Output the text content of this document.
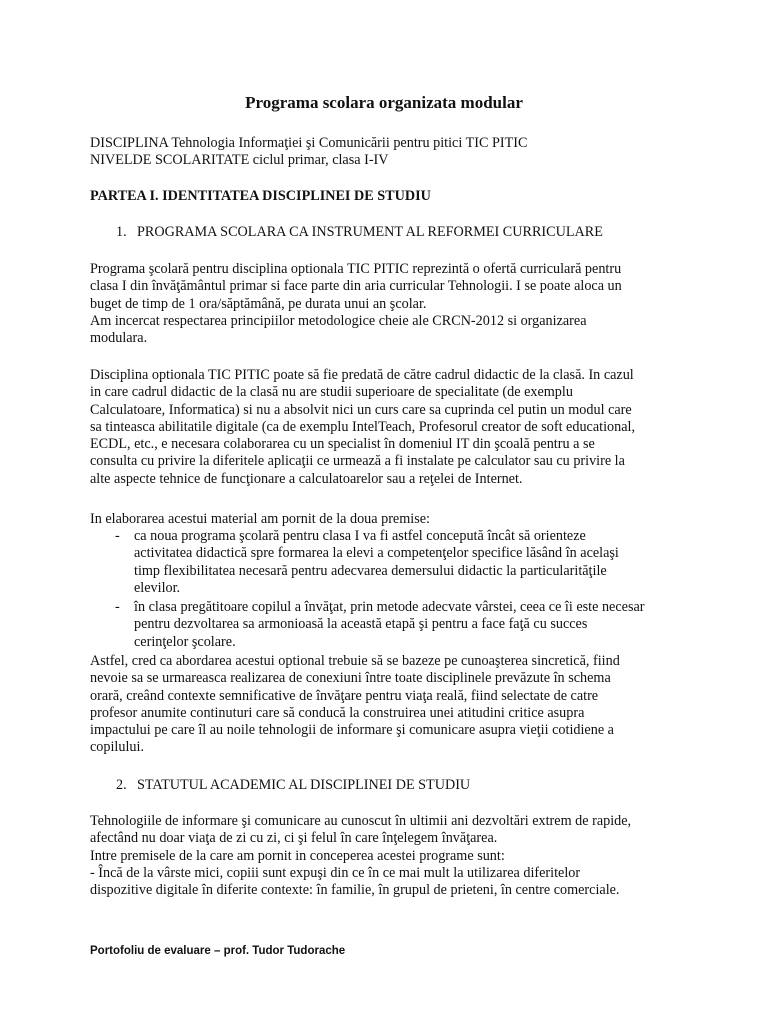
Programa scolara organizata modular
DISCIPLINA Tehnologia Informaţiei şi Comunicării pentru pitici TIC PITIC
NIVELDE SCOLARITATE ciclul primar, clasa I-IV
PARTEA I. IDENTITATEA DISCIPLINEI DE STUDIU
1. PROGRAMA SCOLARA CA INSTRUMENT AL REFORMEI CURRICULARE
Programa şcolară pentru disciplina optionala TIC PITIC reprezintă o ofertă curriculară pentru
clasa I din învăţământul primar si face parte din aria curricular Tehnologii. I se poate aloca un
buget de timp de 1 ora/săptămână, pe durata unui an şcolar.
Am incercat respectarea principiilor metodologice cheie ale CRCN-2012 si organizarea
modulara.
Disciplina optionala TIC PITIC poate să fie predată de către cadrul didactic de la clasă. In cazul
in care cadrul didactic de la clasă nu are studii superioare de specialitate (de exemplu
Calculatoare, Informatica) si nu a absolvit nici un curs care sa cuprinda cel putin un modul care
sa tinteasca abilitatile digitale (ca de exemplu IntelTeach, Profesorul creator de soft educational,
ECDL, etc., e necesara colaborarea cu un specialist în domeniul IT din şcoală pentru a se
consulta cu privire la diferitele aplicaţii ce urmează a fi instalate pe calculator sau cu privire la
alte aspecte tehnice de funcţionare a calculatoarelor sau a reţelei de Internet.
In elaborarea acestui material am pornit de la doua premise:
- ca noua programa şcolară pentru clasa I va fi astfel concepută încât să orienteze
activitatea didactică spre formarea la elevi a competenţelor specifice lăsând în acelaşi
timp flexibilitatea necesară pentru adecvarea demersului didactic la particularităţile
elevilor.
- în clasa pregătitoare copilul a învăţat, prin metode adecvate vârstei, ceea ce îi este necesar
pentru dezvoltarea sa armonioasă la această etapă şi pentru a face faţă cu succes
cerinţelor şcolare.
Astfel, cred ca abordarea acestui optional trebuie să se bazeze pe cunoaşterea sincretică, fiind
nevoie sa se urmareasca realizarea de conexiuni între toate disciplinele prevăzute în schema
orară, creând contexte semnificative de învăţare pentru viaţa reală, fiind selectate de catre
profesor anumite continuturi care să conducă la construirea unei atitudini critice asupra
impactului pe care îl au noile tehnologii de informare şi comunicare asupra vieţii cotidiene a
copilului.
2. STATUTUL ACADEMIC AL DISCIPLINEI DE STUDIU
Tehnologiile de informare şi comunicare au cunoscut în ultimii ani dezvoltări extrem de rapide,
afectând nu doar viaţa de zi cu zi, ci şi felul în care înţelegem învăţarea.
Intre premisele de la care am pornit in conceperea acestei programe sunt:
- Încă de la vârste mici, copiii sunt expuşi din ce în ce mai mult la utilizarea diferitelor
dispozitive digitale în diferite contexte: în familie, în grupul de prieteni, în centre comerciale.
Portofoliu de evaluare – prof. Tudor Tudorache
